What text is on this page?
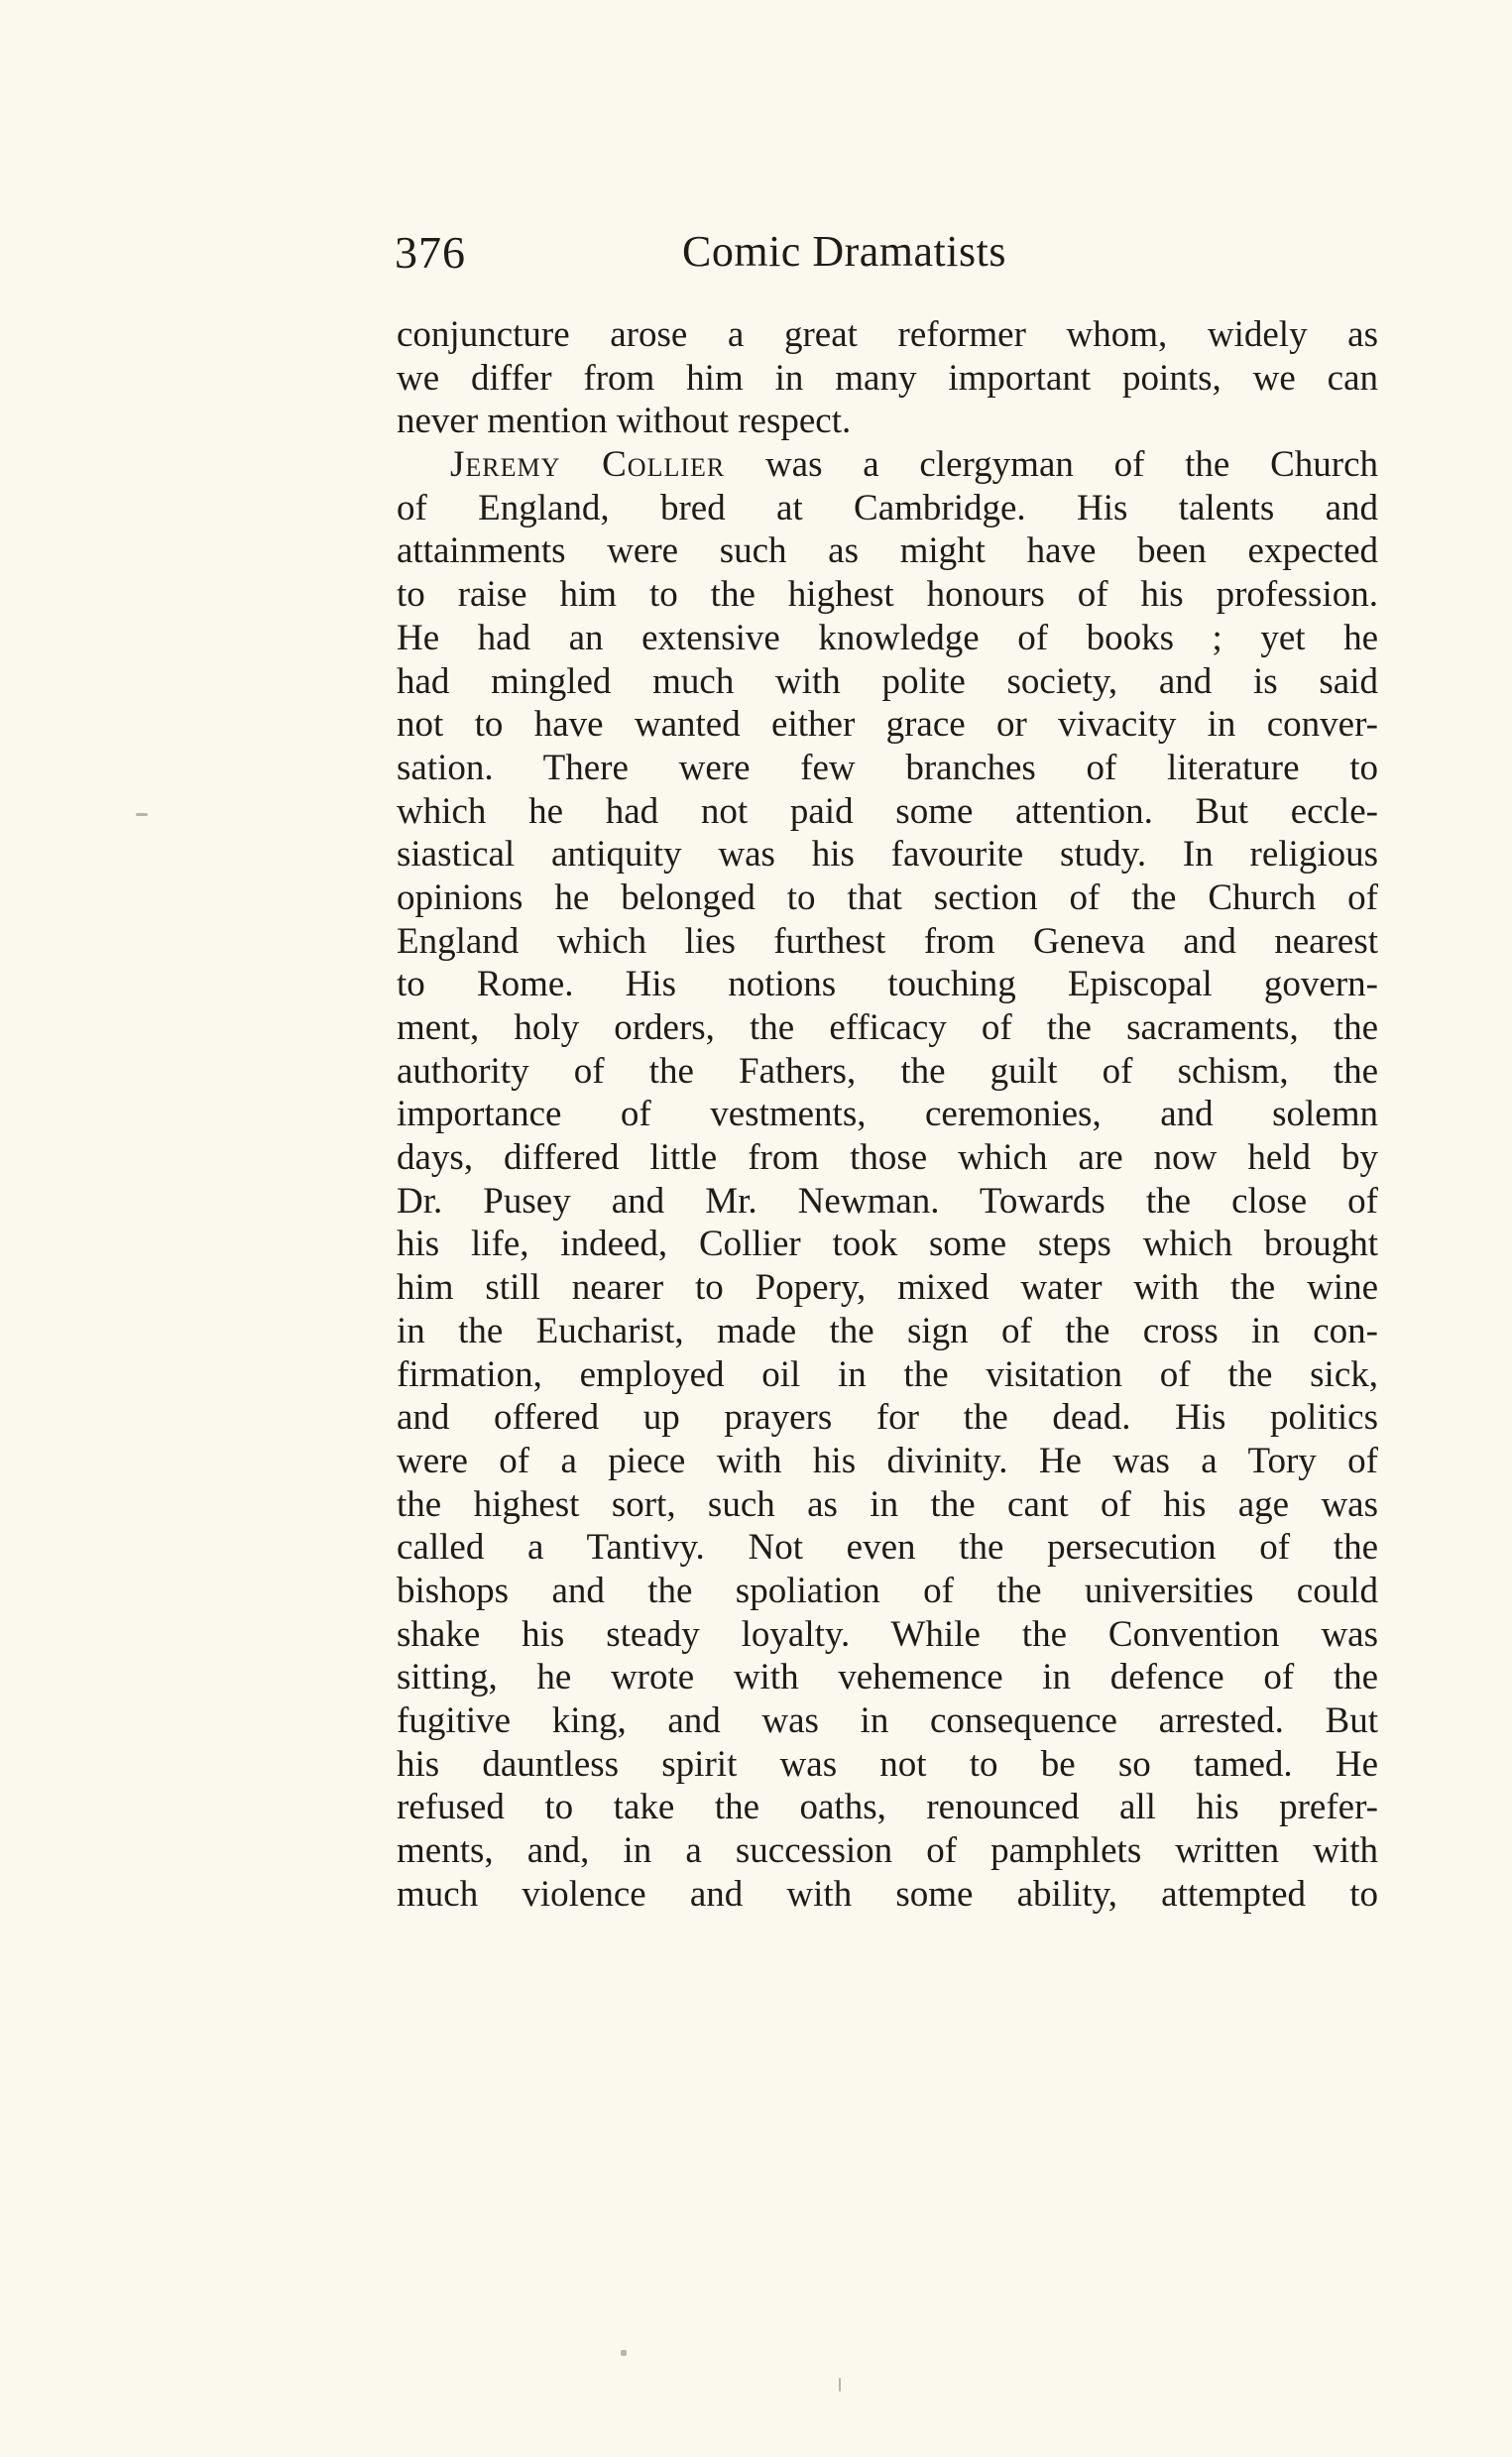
376	Comic Dramatists
conjuncture arose a great reformer whom, widely as
we differ from him in many important points, we can
never mention without respect.
Jeremy Collier was a clergyman of the Church
of England, bred at Cambridge. His talents and
attainments were such as might have been expected
to raise him to the highest honours of his profession.
He had an extensive knowledge of books ; yet he
had mingled much with polite society, and is said
not to have wanted either grace or vivacity in conver-
sation. There were few branches of literature to
which he had not paid some attention. But eccle-
siastical antiquity was his favourite study. In religious
opinions he belonged to that section of the Church of
England which lies furthest from Geneva and nearest
to Rome. His notions touching Episcopal govern-
ment, holy orders, the efficacy of the sacraments, the
authority of the Fathers, the guilt of schism, the
importance of vestments, ceremonies, and solemn
days, differed little from those which are now held by
Dr. Pusey and Mr. Newman. Towards the close of
his life, indeed, Collier took some steps which brought
him still nearer to Popery, mixed water with the wine
in the Eucharist, made the sign of the cross in con-
firmation, employed oil in the visitation of the sick,
and offered up prayers for the dead. His politics
were of a piece with his divinity. He was a Tory of
the highest sort, such as in the cant of his age was
called a Tantivy. Not even the persecution of the
bishops and the spoliation of the universities could
shake his steady loyalty. While the Convention was
sitting, he wrote with vehemence in defence of the
fugitive king, and was in consequence arrested. But
his dauntless spirit was not to be so tamed. He
refused to take the oaths, renounced all his prefer-
ments, and, in a succession of pamphlets written with
much violence and with some ability, attempted to
